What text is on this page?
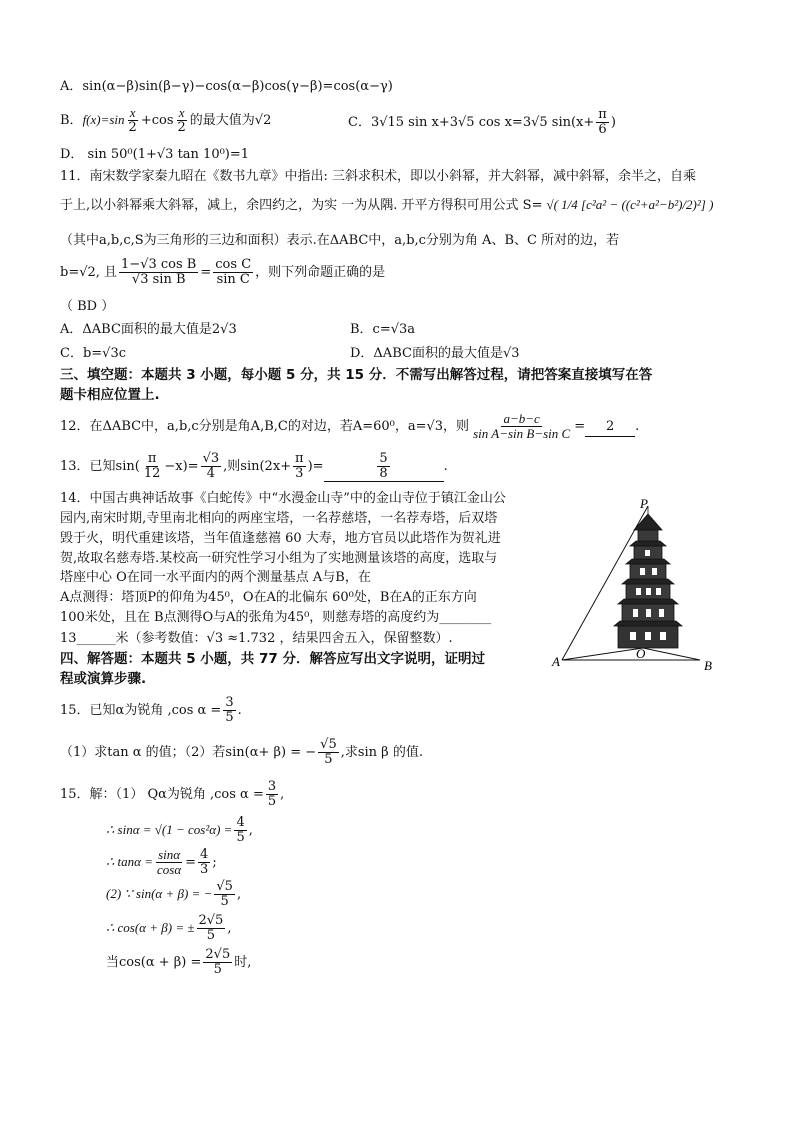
A．sin(α−β)sin(β−γ)−cos(α−β)cos(γ−β)=cos(α−γ)
B．$f(x)=\sin \frac{x}{2} +\cos \frac{x}{2}$ 的最大值为√2	C．3√15 sin x+3√5 cos x=3√5 $\sin(x+ \frac{\pi}{6}$ )
D． sin 50⁰(1+√3 tan 10⁰)=1
11．南宋数学家秦九昭在《数书九章》中指出: 三斜求积术，即以小斜幂，并大斜幂，减中斜幂，余半之，自乘
于上,以小斜幂乘大斜幂，减上，余四约之，为实 一为从隅. 开平方得积可用公式 S= √( 1/4 [c²a² − ((c²+a²−b²)/2)²] )
（其中a,b,c,S为三角形的三边和面积）表示.在ΔABC中，a,b,c分别为角 A、B、C 所对的边，若
b=√2, 且 $\frac{\text{1−√3 cos B}}{\text{√3 sin B}} = \frac{\text{cos C}}{\text{sin C}}$ ，则下列命题正确的是
（ BD ）
A．ΔABC面积的最大值是2√3	B．c=√3a
C．b=√3c	D．ΔABC面积的最大值是√3
三、填空题：本题共 3 小题，每小题 5 分，共 15 分．不需写出解答过程，请把答案直接填写在答
题卡相应位置上.
12．在ΔABC中，a,b,c分别是角A,B,C的对边，若A=60⁰，a=√3，则 $\frac{a-b-c}{\text{sin A−sin B−sin C}} = 2$ .
13．已知$\sin( \frac{\pi}{12} -x)= \frac{√3}{4}$ ,则$\sin(2x+ \frac{\pi}{3}$ )=	$\frac{5}{8}$	.
14．中国古典神话故事《白蛇传》中“水漫金山寺”中的金山寺位于镇江金山公
园内,南宋时期,寺里南北相向的两座宝塔，一名荐慈塔，一名荐寿塔，后双塔
毁于火，明代重建该塔，当年值逢慈禧 60 大寿，地方官员以此塔作为贺礼进
贺,故取名慈寿塔.某校高一研究性学习小组为了实地测量该塔的高度，选取与
塔座中心 O在同一水平面内的两个测量基点 A与B，在
A点测得：塔顶P的仰角为45⁰，O在A的北偏东 60⁰处，B在A的正东方向
100米处，且在 B点测得O与A的张角为45⁰，则慈寿塔的高度约为________
13______米（参考数值：√3 ≈1.732 ，结果四舍五入，保留整数）.
P
A
O
B
四、解答题：本题共 5 小题，共 77 分．解答应写出文字说明，证明过
程或演算步骤.
15．已知α为锐角 ,cos $\alpha = \frac{3}{5}$ .
（1）求tan α 的值；（2）若sin(α+ β) = − $\frac{√5}{5}$ ,求sin β 的值.
15．解：（1） Qα为锐角 ,cos $\alpha = \frac{3}{5}$ ,
∴ $\sin\alpha = √(1 - \cos^2\alpha) = \frac{4}{5}$ ,
∴ $\tan\alpha = \frac{\sin\alpha}{\cos\alpha} = \frac{4}{3}$ ;
(2) ∵ sin(α + β) = − $\frac{√5}{5}$ ,
∴ cos(α + β) = ± $\frac{2√5}{5}$ ,
当$\cos(\alpha + \beta) = \frac{2√5}{5}$ 时,
